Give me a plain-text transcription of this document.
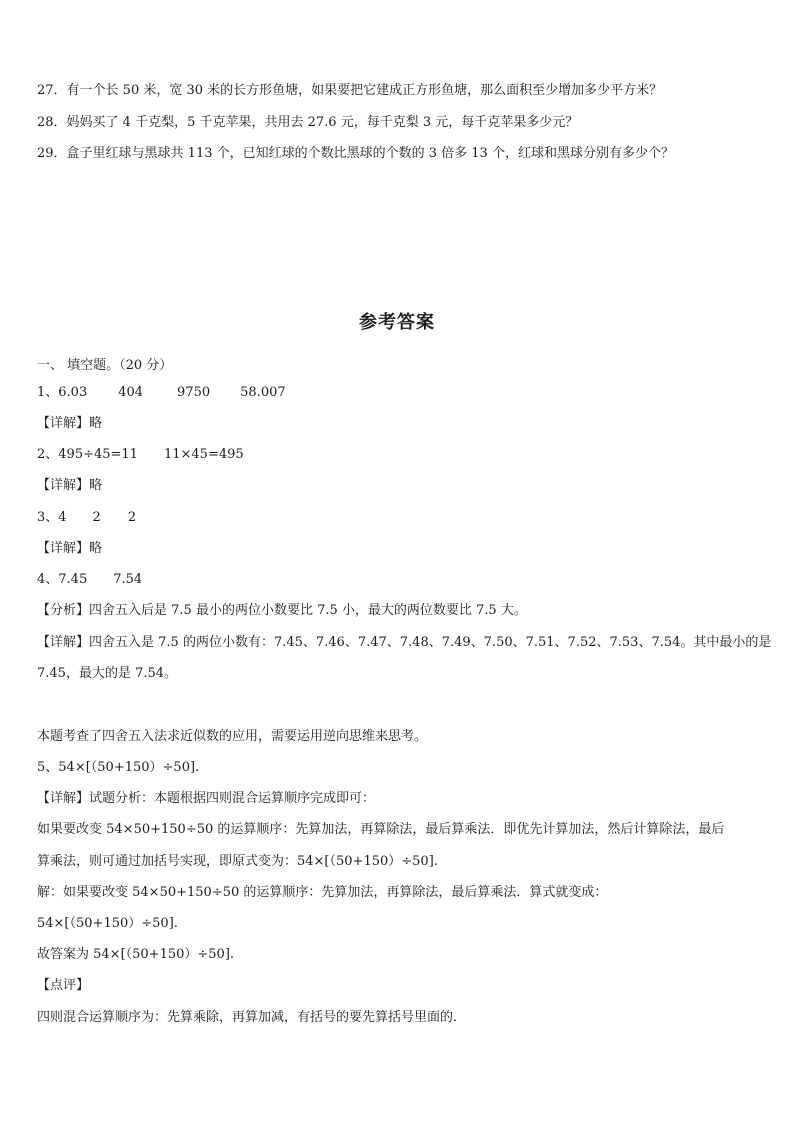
27．有一个长 50 米，宽 30 米的长方形鱼塘，如果要把它建成正方形鱼塘，那么面积至少增加多少平方米？
28．妈妈买了 4 千克梨，5 千克苹果，共用去 27.6 元，每千克梨 3 元，每千克苹果多少元？
29．盒子里红球与黑球共 113 个，已知红球的个数比黑球的个数的 3 倍多 13 个，红球和黑球分别有多少个？
参考答案
一、 填空题。（20 分）
1、6.03 404	9750 58.007
【详解】略
2、495÷45=11 11×45=495
【详解】略
3、4 2 2
【详解】略
4、7.45 7.54
【分析】四舍五入后是 7.5 最小的两位小数要比 7.5 小，最大的两位数要比 7.5 大。
【详解】四舍五入是 7.5 的两位小数有：7.45、7.46、7.47、7.48、7.49、7.50、7.51、7.52、7.53、7.54。其中最小的是
7.45，最大的是 7.54。
本题考查了四舍五入法求近似数的应用，需要运用逆向思维来思考。
5、54×[（50+150）÷50].
【详解】试题分析：本题根据四则混合运算顺序完成即可：
如果要改变 54×50+150÷50 的运算顺序：先算加法，再算除法，最后算乘法．即优先计算加法，然后计算除法，最后
算乘法，则可通过加括号实现，即原式变为：54×[（50+150）÷50].
解：如果要改变 54×50+150÷50 的运算顺序：先算加法，再算除法，最后算乘法．算式就变成：
54×[（50+150）÷50].
故答案为 54×[（50+150）÷50].
【点评】
四则混合运算顺序为：先算乘除，再算加减，有括号的要先算括号里面的．
